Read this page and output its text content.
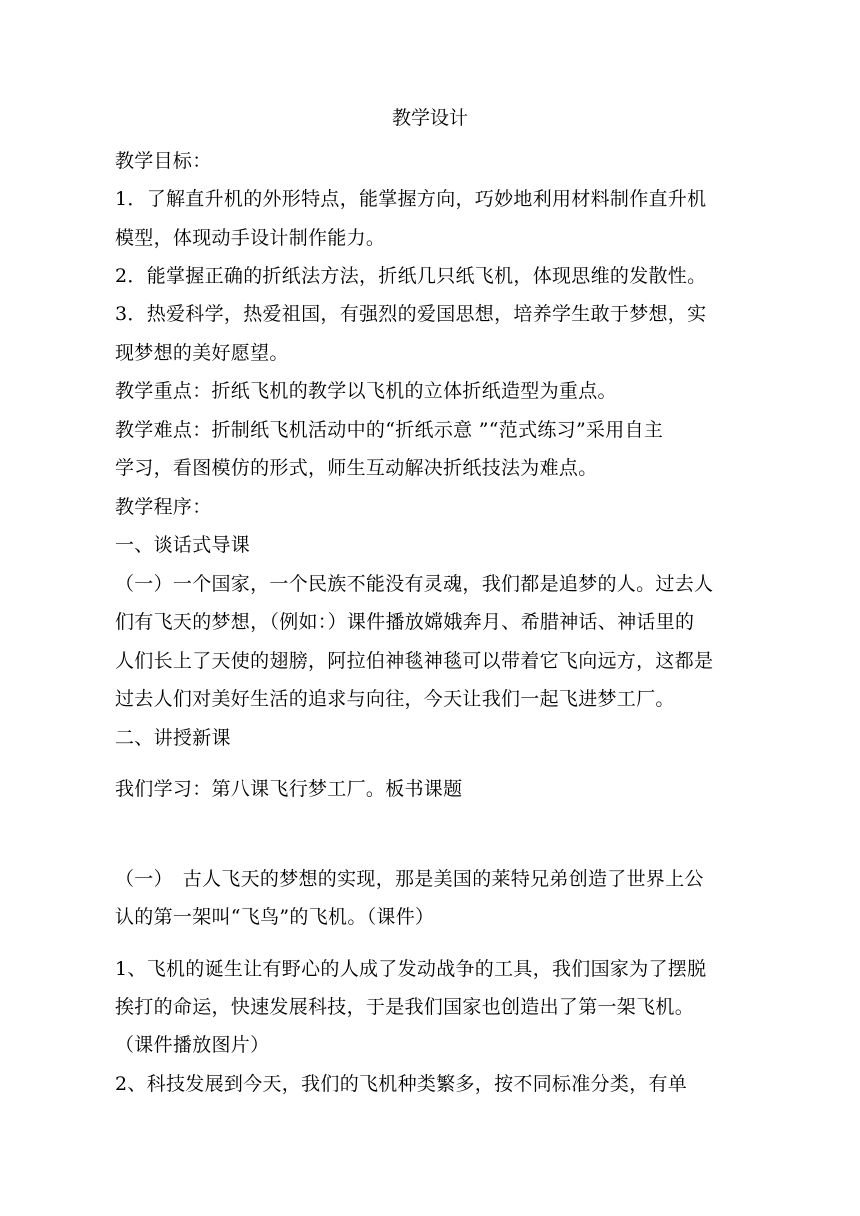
教学设计
教学目标：
1．了解直升机的外形特点，能掌握方向，巧妙地利用材料制作直升机
模型，体现动手设计制作能力。
2．能掌握正确的折纸法方法，折纸几只纸飞机，体现思维的发散性。
3．热爱科学，热爱祖国，有强烈的爱国思想，培养学生敢于梦想，实
现梦想的美好愿望。
教学重点：折纸飞机的教学以飞机的立体折纸造型为重点。
教学难点：折制纸飞机活动中的“折纸示意 ”“范式练习”采用自主
学习，看图模仿的形式，师生互动解决折纸技法为难点。
教学程序：
一、谈话式导课
（一）一个国家，一个民族不能没有灵魂，我们都是追梦的人。过去人
们有飞天的梦想，（例如：）课件播放嫦娥奔月、希腊神话、神话里的
人们长上了天使的翅膀，阿拉伯神毯神毯可以带着它飞向远方，这都是
过去人们对美好生活的追求与向往，今天让我们一起飞进梦工厂。
二、讲授新课
我们学习：第八课飞行梦工厂。板书课题
（一）　古人飞天的梦想的实现，那是美国的莱特兄弟创造了世界上公
认的第一架叫“飞鸟”的飞机。（课件）
1、飞机的诞生让有野心的人成了发动战争的工具，我们国家为了摆脱
挨打的命运，快速发展科技，于是我们国家也创造出了第一架飞机。
（课件播放图片）
2、科技发展到今天，我们的飞机种类繁多，按不同标准分类，有单
